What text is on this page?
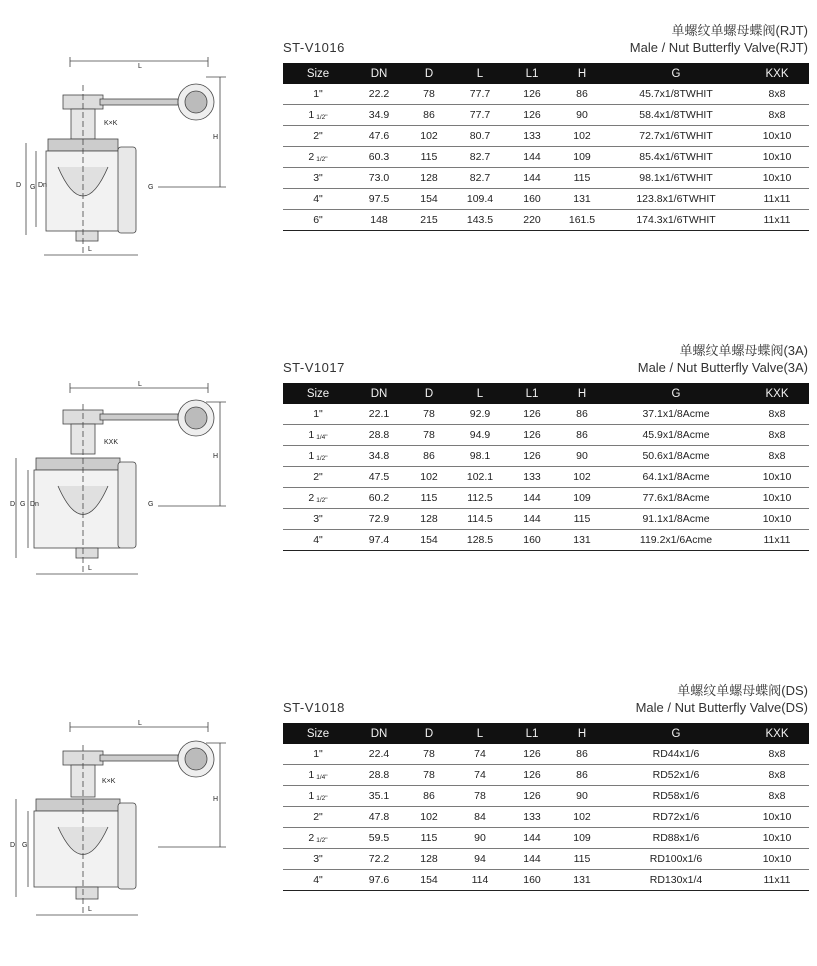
L
H
K×K
D G Dn	G
L
ST-V1016
单螺纹单螺母蝶阀(RJT)
Male / Nut Butterfly Valve(RJT)
Size	DN	D	L	L1	H	G	KXK
1"	22.2	78	77.7	126	86	45.7x1/8TWHIT	8x8
1 1/2"	34.9	86	77.7	126	90	58.4x1/8TWHIT	8x8
2"	47.6	102	80.7	133	102	72.7x1/6TWHIT	10x10
2 1/2"	60.3	115	82.7	144	109	85.4x1/6TWHIT	10x10
3"	73.0	128	82.7	144	115	98.1x1/6TWHIT	10x10
4"	97.5	154	109.4	160	131	123.8x1/6TWHIT	11x11
6"	148	215	143.5	220	161.5	174.3x1/6TWHIT	11x11
L
H
KXK
D G Dn	G
L
ST-V1017
单螺纹单螺母蝶阀(3A)
Male / Nut Butterfly Valve(3A)
Size	DN	D	L	L1	H	G	KXK
1"	22.1	78	92.9	126	86	37.1x1/8Acme	8x8
1 1/4"	28.8	78	94.9	126	86	45.9x1/8Acme	8x8
1 1/2"	34.8	86	98.1	126	90	50.6x1/8Acme	8x8
2"	47.5	102	102.1	133	102	64.1x1/8Acme	10x10
2 1/2"	60.2	115	112.5	144	109	77.6x1/8Acme	10x10
3"	72.9	128	114.5	144	115	91.1x1/8Acme	10x10
4"	97.4	154	128.5	160	131	119.2x1/6Acme	11x11
L
H
K×K
D G
L
ST-V1018
单螺纹单螺母蝶阀(DS)
Male / Nut Butterfly Valve(DS)
Size	DN	D	L	L1	H	G	KXK
1"	22.4	78	74	126	86	RD44x1/6	8x8
1 1/4"	28.8	78	74	126	86	RD52x1/6	8x8
1 1/2"	35.1	86	78	126	90	RD58x1/6	8x8
2"	47.8	102	84	133	102	RD72x1/6	10x10
2 1/2"	59.5	115	90	144	109	RD88x1/6	10x10
3"	72.2	128	94	144	115	RD100x1/6	10x10
4"	97.6	154	114	160	131	RD130x1/4	11x11
